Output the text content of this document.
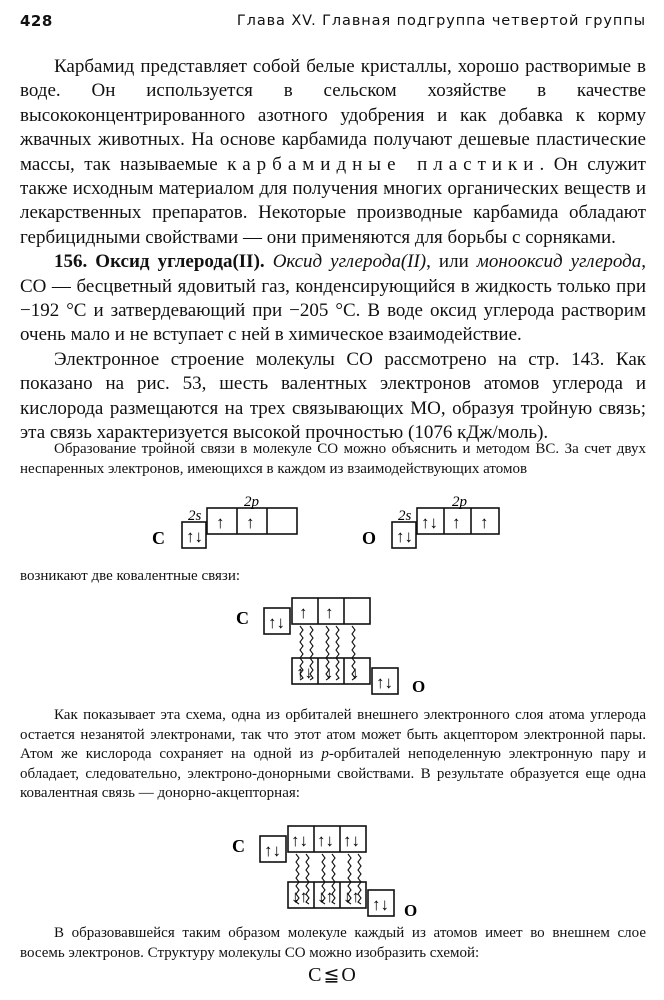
428	Глава XV. Главная подгруппа четвертой группы

Карбамид представляет собой белые кристаллы, хорошо растворимые в воде. Он используется в сельском хозяйстве в качестве высококонцентрированного азотного удобрения и как добавка к корму жвачных животных. На основе карбамида получают дешевые пластические массы, так называемые карбамидные пластики. Он служит также исходным материалом для получения многих органических веществ и лекарственных препаратов. Некоторые производные карбамида обладают гербицидными свойствами — они применяются для борьбы с сорняками.

156. Оксид углерода(II). Оксид углерода(II), или монооксид углерода, CO — бесцветный ядовитый газ, конденсирующийся в жидкость только при −192 °C и затвердевающий при −205 °C. В воде оксид углерода растворим очень мало и не вступает с ней в химическое взаимодействие.

Электронное строение молекулы CO рассмотрено на стр. 143. Как показано на рис. 53, шесть валентных электронов атомов углерода и кислорода размещаются на трех связывающих МО, образуя тройную связь; эта связь характеризуется высокой прочностью (1076 кДж/моль).

Образование тройной связи в молекуле CO можно объяснить и методом ВС. За счет двух неспаренных электронов, имеющихся в каждом из взаимодействующих атомов

C
2s
2p
↑↓
↑ ↑
O
2s
2p
↑↓
↑↓ ↑ ↑

возникают две ковалентные связи:

C ↑↓
↑ ↑
↑↓ ↓ ↓
↑↓ O

Как показывает эта схема, одна из орбиталей внешнего электронного слоя атома углерода остается незанятой электронами, так что этот атом может быть акцептором электронной пары. Атом же кислорода сохраняет на одной из p-орбиталей неподеленную электронную пару и обладает, следовательно, электроно-донорными свойствами. В результате образуется еще одна ковалентная связь — донорно-акцепторная:

C ↑↓
↑↓ ↑↓ ↑↓
↓↑ ↓↑ ↓↑ ↑↓ O

В образовавшейся таким образом молекуле каждый из атомов имеет во внешнем слое восемь электронов. Структуру молекулы CO можно изобразить схемой:

C ≦ O
